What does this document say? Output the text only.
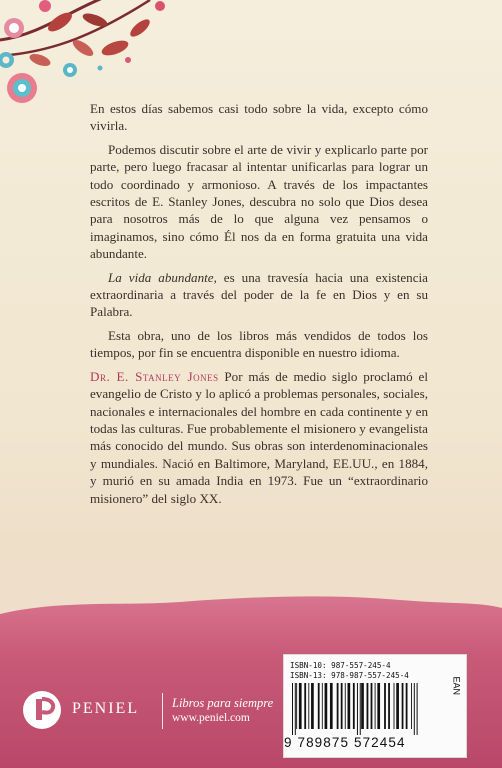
En estos días sabemos casi todo sobre la vida, excepto cómo vivirla.

Podemos discutir sobre el arte de vivir y explicarlo parte por parte, pero luego fracasar al intentar unificarlas para lograr un todo coordinado y armonioso. A través de los impactantes escritos de E. Stanley Jones, descubra no solo que Dios desea para nosotros más de lo que alguna vez pensamos o imaginamos, sino cómo Él nos da en forma gratuita una vida abundante.

La vida abundante, es una travesía hacia una existencia extraordinaria a través del poder de la fe en Dios y en su Palabra.

Esta obra, uno de los libros más vendidos de todos los tiempos, por fin se encuentra disponible en nuestro idioma.

Dr. E. Stanley Jones Por más de medio siglo proclamó el evangelio de Cristo y lo aplicó a problemas personales, sociales, nacionales e internacionales del hombre en cada continente y en todas las culturas. Fue probablemente el misionero y evangelista más conocido del mundo. Sus obras son interdenominacionales y mundiales. Nació en Baltimore, Maryland, EE.UU., en 1884, y murió en su amada India en 1973. Fue un “extraordinario misionero” del siglo XX.

PENIEL	Libros para siempre
www.peniel.com
ISBN-10: 987-557-245-4
ISBN-13: 978-987-557-245-4
EAN
9 789875 572454
